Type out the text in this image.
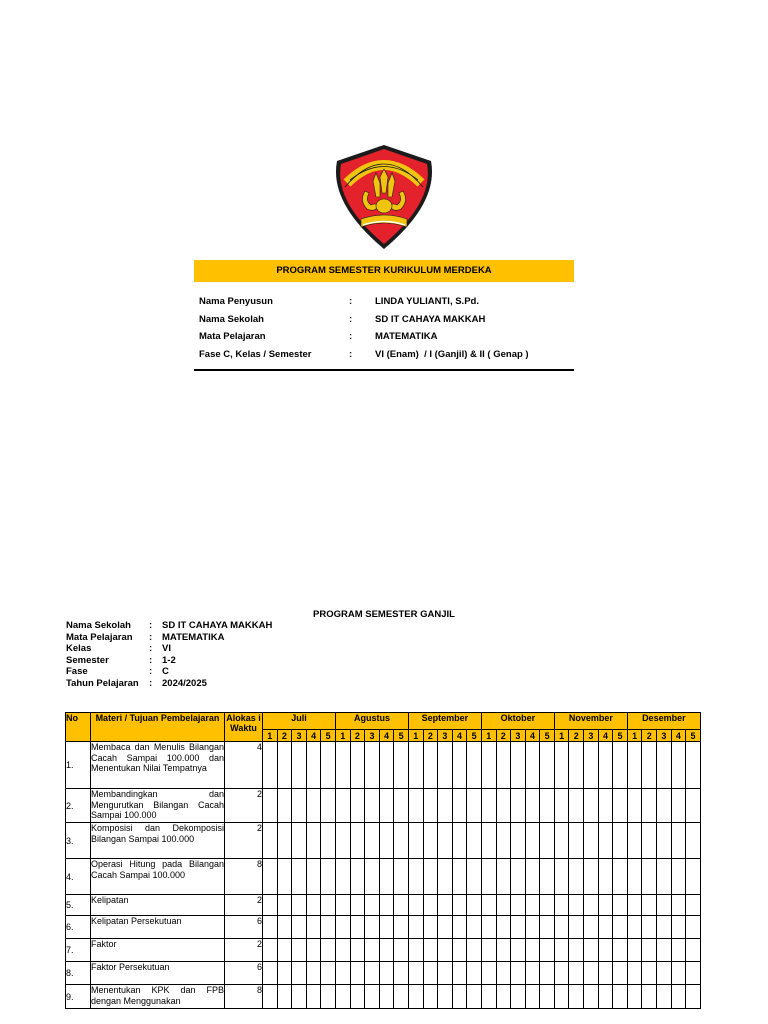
PROGRAM SEMESTER KURIKULUM MERDEKA
Nama Penyusun	: LINDA YULIANTI, S.Pd.
Nama Sekolah	: SD IT CAHAYA MAKKAH
Mata Pelajaran	: MATEMATIKA
Fase C, Kelas / Semester	: VI (Enam)  / I (Ganjil) & II ( Genap )
PROGRAM SEMESTER GANJIL
Nama Sekolah : SD IT CAHAYA MAKKAH
Mata Pelajaran : MATEMATIKA
Kelas	: VI
Semester	: 1-2
Fase	: C
Tahun Pelajaran : 2024/2025
No	Materi / Tujuan Pembelajaran	Alokas i Waktu	Juli					Agustus					September					Oktober					November					Desember				
			1	2	3	4	5	1	2	3	4	5	1	2	3	4	5	1	2	3	4	5	1	2	3	4	5	1	2	3	4	5
1.	Membaca dan Menulis Bilangan Cacah Sampai 100.000 dan Menentukan Nilai Tempatnya	4																														
2.	Membandingkan dan Mengurutkan Bilangan Cacah Sampai 100.000	2																														
3.	Komposisi dan Dekomposisi Bilangan Sampai 100.000	2																														
4.	Operasi Hitung pada Bilangan Cacah Sampai 100.000	8																														
5.	Kelipatan	2																														
6.	Kelipatan Persekutuan	6																														
7.	Faktor	2																														
8.	Faktor Persekutuan	6																														
9.	Menentukan KPK dan FPB dengan Menggunakan	8																														
